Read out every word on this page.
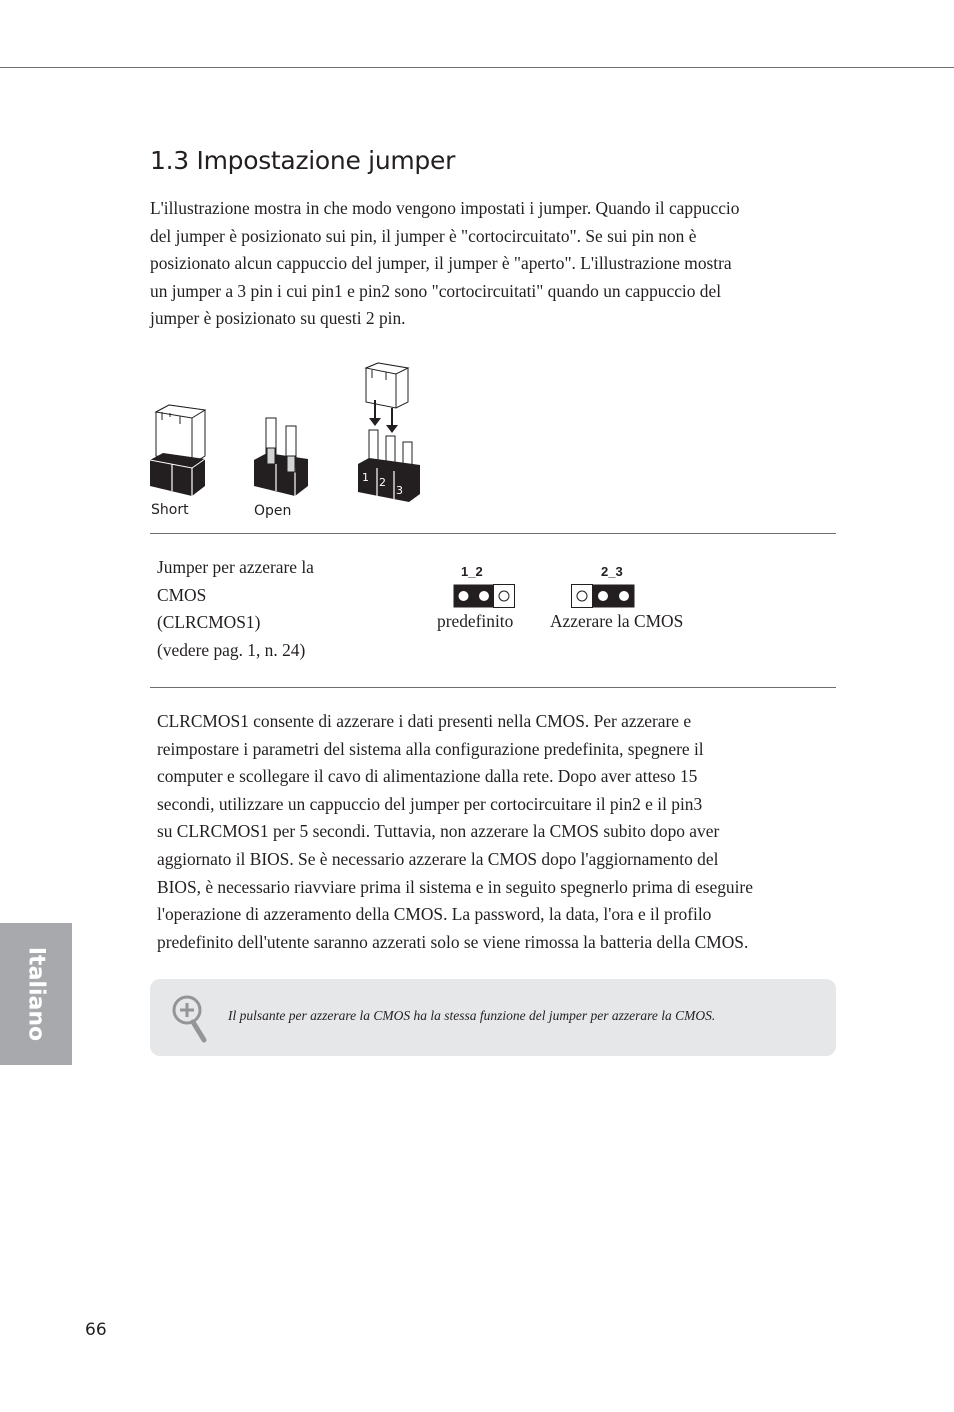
1.3 Impostazione jumper
L'illustrazione mostra in che modo vengono impostati i jumper. Quando il cappuccio
del jumper è posizionato sui pin, il jumper è "cortocircuitato". Se sui pin non è
posizionato alcun cappuccio del jumper, il jumper è "aperto". L'illustrazione mostra
un jumper a 3 pin i cui pin1 e pin2 sono "cortocircuitati" quando un cappuccio del
jumper è posizionato su questi 2 pin.
Short	Open
1 2
3
Jumper per azzerare la
CMOS
(CLRCMOS1)
(vedere pag. 1, n. 24)
1_2
predefinito
2_3
Azzerare la CMOS
CLRCMOS1 consente di azzerare i dati presenti nella CMOS. Per azzerare e
reimpostare i parametri del sistema alla configurazione predefinita, spegnere il
computer e scollegare il cavo di alimentazione dalla rete. Dopo aver atteso 15
secondi, utilizzare un cappuccio del jumper per cortocircuitare il pin2 e il pin3
su CLRCMOS1 per 5 secondi. Tuttavia, non azzerare la CMOS subito dopo aver
aggiornato il BIOS. Se è necessario azzerare la CMOS dopo l'aggiornamento del
BIOS, è necessario riavviare prima il sistema e in seguito spegnerlo prima di eseguire
l'operazione di azzeramento della CMOS. La password, la data, l'ora e il profilo
predefinito dell'utente saranno azzerati solo se viene rimossa la batteria della CMOS.
Il pulsante per azzerare la CMOS ha la stessa funzione del jumper per azzerare la CMOS.
Italiano
66
